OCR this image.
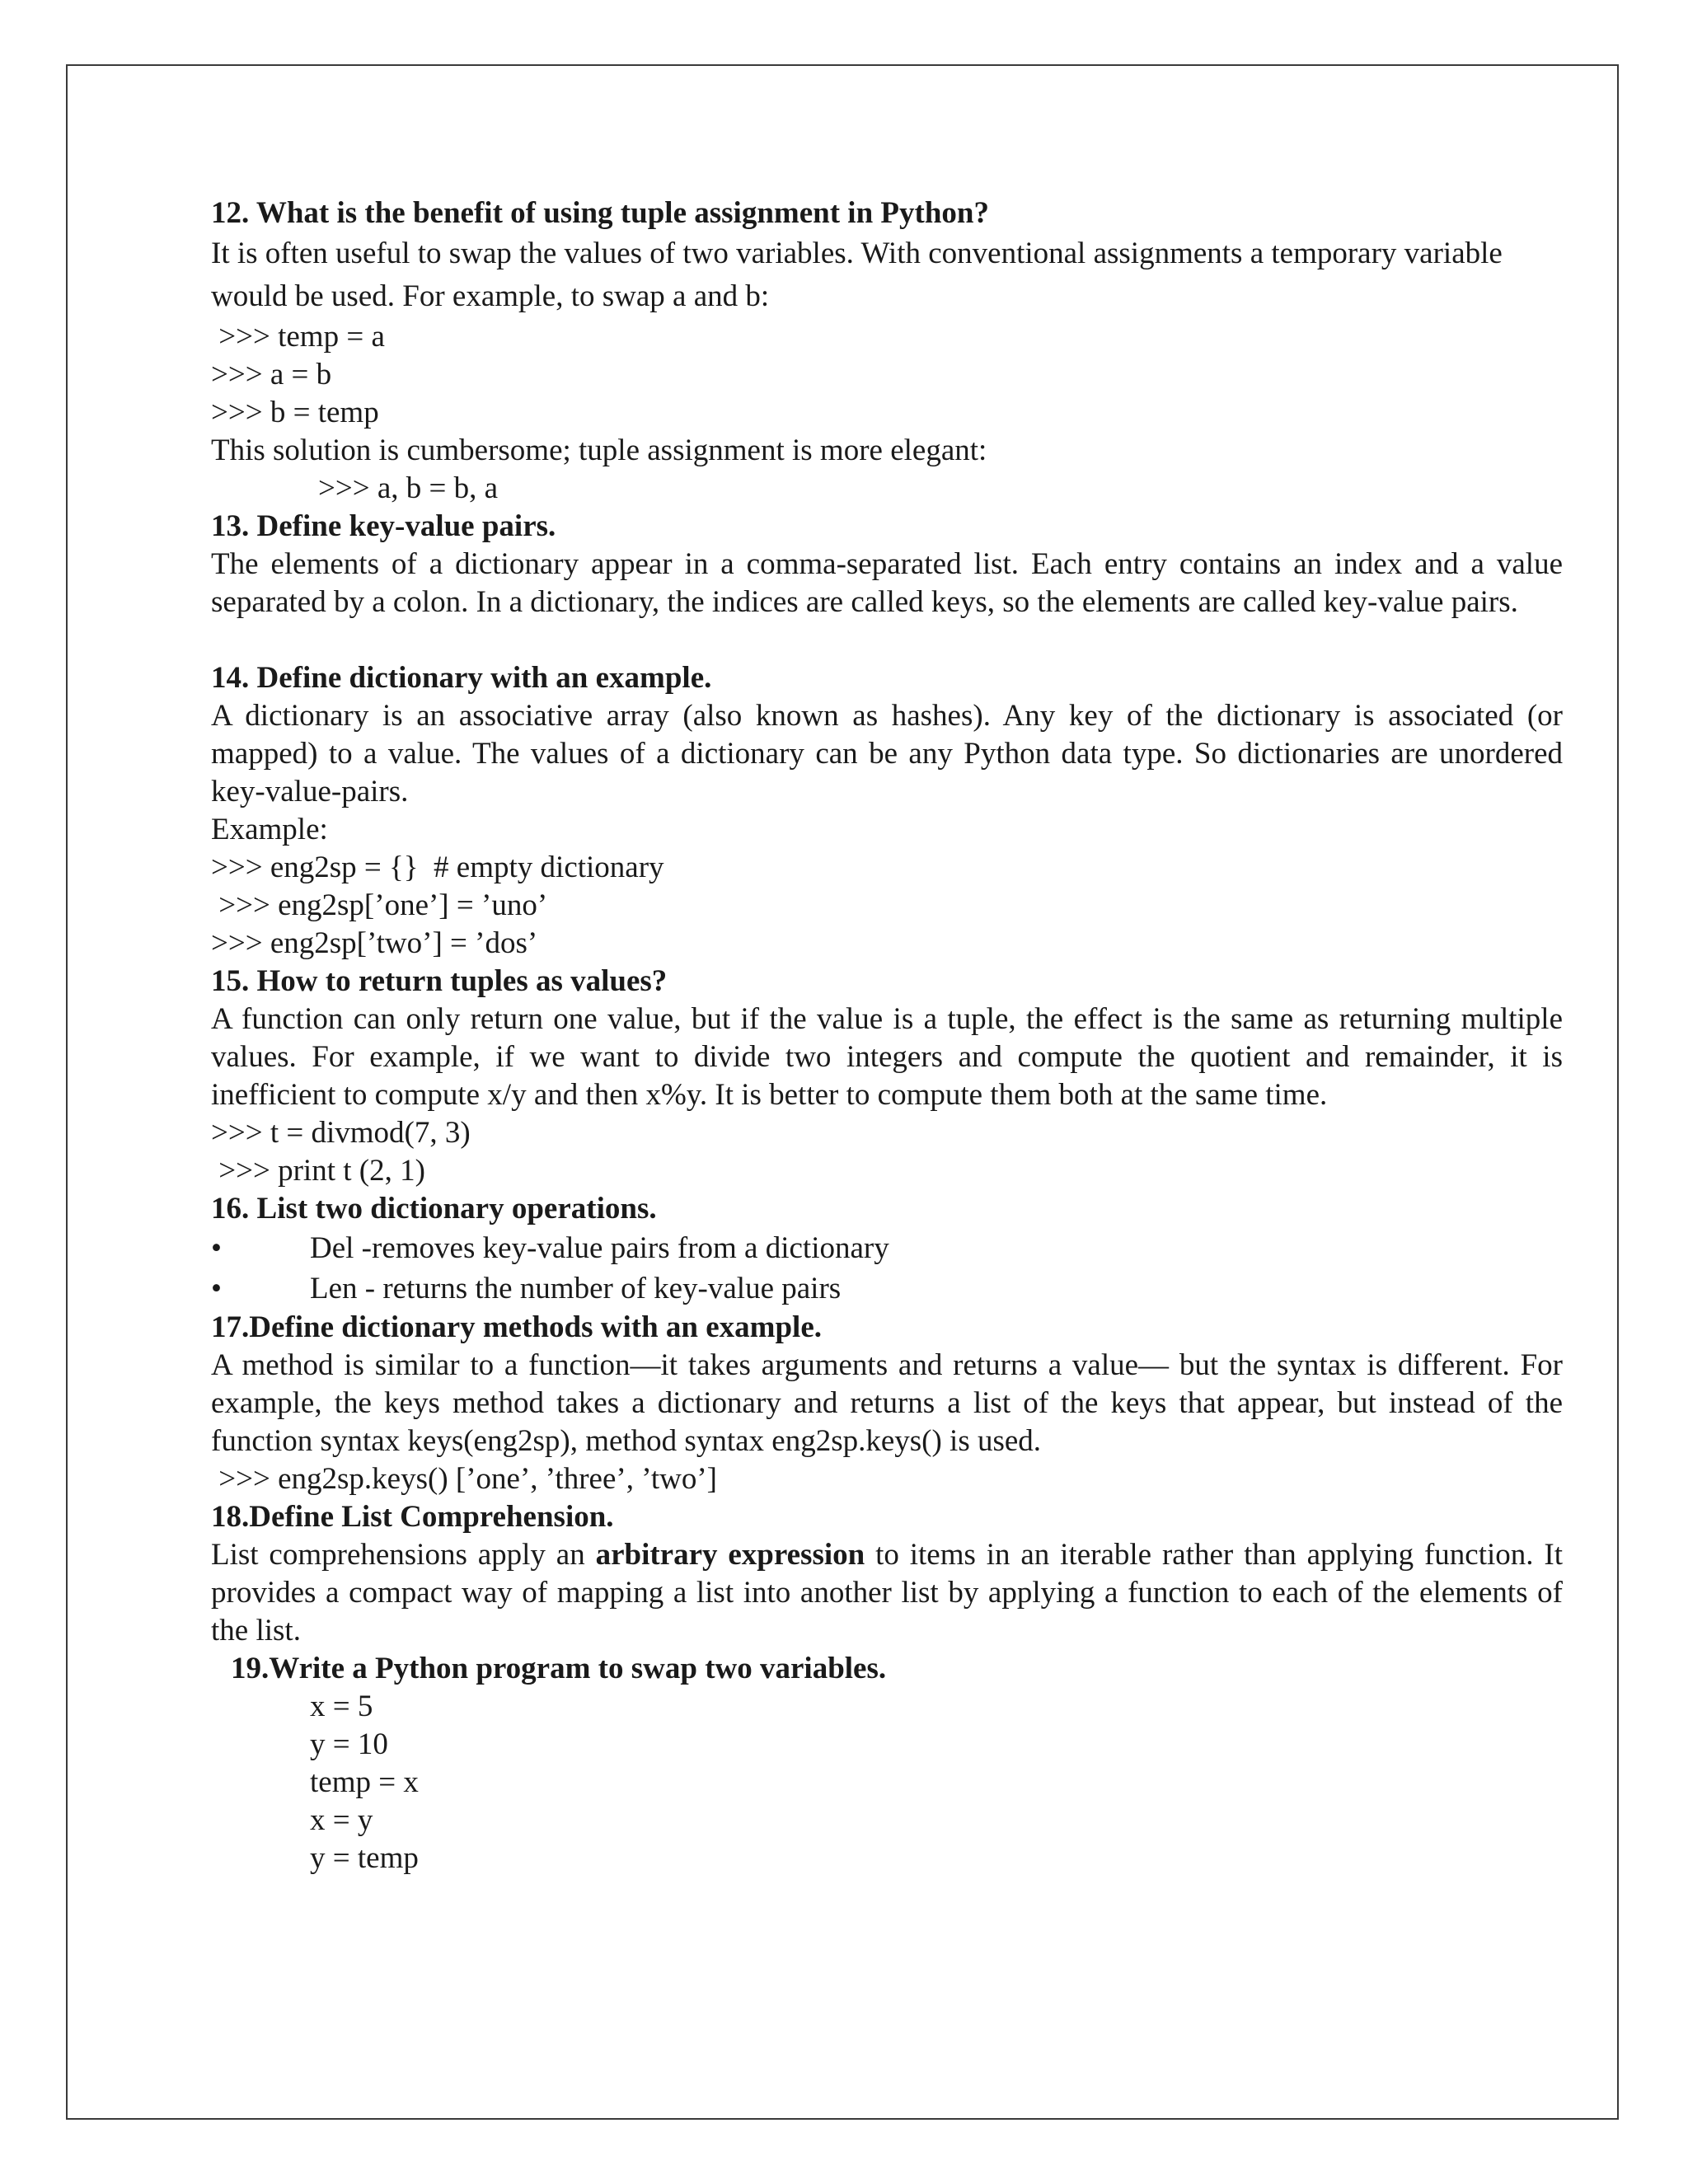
12. What is the benefit of using tuple assignment in Python?

It is often useful to swap the values of two variables. With conventional assignments a temporary variable would be used. For example, to swap a and b:

>>> temp = a

>>> a = b

>>> b = temp

This solution is cumbersome; tuple assignment is more elegant:

>>> a, b = b, a

13. Define key-value pairs.

The elements of a dictionary appear in a comma-separated list. Each entry contains an index and a value separated by a colon. In a dictionary, the indices are called keys, so the elements are called key-value pairs.

14. Define dictionary with an example.

A dictionary is an associative array (also known as hashes). Any key of the dictionary is associated (or mapped) to a value. The values of a dictionary can be any Python data type. So dictionaries are unordered key-value-pairs.

Example:

>>> eng2sp = {}  # empty dictionary

>>> eng2sp[’one’] = ’uno’

>>> eng2sp[’two’] = ’dos’

15. How to return tuples as values?

A function can only return one value, but if the value is a tuple, the effect is the same as returning multiple values. For example, if we want to divide two integers and compute the quotient and remainder, it is inefficient to compute x/y and then x%y. It is better to compute them both at the same time.

>>> t = divmod(7, 3)

>>> print t (2, 1)

16. List two dictionary operations.

•	Del -removes key-value pairs from a dictionary
•	Len - returns the number of key-value pairs

17.Define dictionary methods with an example.

A method is similar to a function—it takes arguments and returns a value— but the syntax is different. For example, the keys method takes a dictionary and returns a list of the keys that appear, but instead of the function syntax keys(eng2sp), method syntax eng2sp.keys() is used.

>>> eng2sp.keys() [’one’, ’three’, ’two’]

18.Define List Comprehension.

List comprehensions apply an arbitrary expression to items in an iterable rather than applying function. It provides a compact way of mapping a list into another list by applying a function to each of the elements of the list.

19.Write a Python program to swap two variables.

x = 5

y = 10

temp = x

x = y

y = temp
